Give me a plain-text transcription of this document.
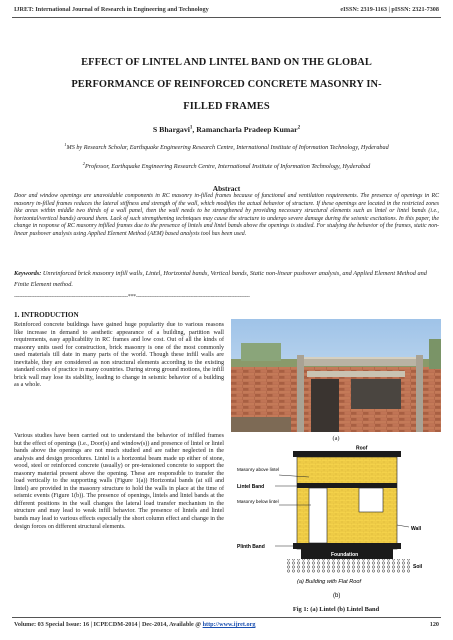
IJRET: International Journal of Research in Engineering and Technology	eISSN: 2319-1163 | pISSN: 2321-7308
EFFECT OF LINTEL AND LINTEL BAND ON THE GLOBAL
PERFORMANCE OF REINFORCED CONCRETE MASONRY IN-
FILLED FRAMES
S Bhargavi$^1$, Ramancharla Pradeep Kumar$^2$
$^1$MS by Research Scholar, Earthquake Engineering Research Centre, International Institute of Information Technology, Hyderabad
$^2$Professor, Earthquake Engineering Research Centre, International Institute of Information Technology, Hyderabad
Abstract
Door and window openings are unavoidable components in RC masonry in-filled frames because of functional and ventilation requirements. The presence of openings in RC masonry in-filled frames reduces the lateral stiffness and strength of the wall, which modifies the actual behavior of structure. If these openings are located in the restricted zones like areas within middle two thirds of a wall panel, then the wall needs to be strengthened by providing necessary structural elements such as lintel or lintel bands (i.e., horizontal/vertical bands) around them. Lack of such strengthening techniques may cause the structure to undergo severe damage during the seismic excitations. In this paper, the change in response of RC masonry infilled frames due to the presence of lintels and lintel bands above the openings is studied. For studying the behavior of the frames, static non-linear pushover analysis using Applied Element Method (AEM) based analysis tool has been used.
Keywords: Unreinforced brick masonry infill walls, Lintel, Horizontal bands, Vertical bands, Static non-linear pushover analysis, and Applied Element Method and Finite Element method.
-------------------------------------------------------------------***-------------------------------------------------------------------
1. INTRODUCTION
Reinforced concrete buildings have gained huge popularity due to various reasons like increase in demand to aesthetic appearance of a building, partition wall requirements, easy applicability in RC frames and low cost. Out of all the kinds of masonry units used for construction, brick masonry is one of the most commonly used materials till date in many parts of the world. Though these infill walls are inevitable, they are considered as non structural elements according to the existing standard codes of practice in many countries. During strong ground motions, the infill brick wall may lose its stability, leading to change in seismic behavior of a building as a whole.
Various studies have been carried out to understand the behavior of infilled frames but the effect of openings (i.e., Door(s) and window(s)) and presence of lintel or lintel bands above the openings are not much studied and are rather neglected in the analysis and design procedures. Lintel is a horizontal beam made up either of stone, wood, steel or reinforced concrete (usually) or pre-tensioned concrete to support the masonry material present above the opening. These are responsible to transfer the load vertically to the supporting walls (Figure 1(a)) Horizontal bands (at sill and lintel) are provided in the masonry structure to hold the walls in place at the time of seismic events (Figure 1(b)). The presence of openings, lintels and lintel bands at the different positions in the wall changes the lateral load transfer mechanism in the structure and may lead to weak infill behavior. The presence of lintels and lintel bands may lead to various effects especially the short column effect and change in the design forces on different structural elements.
(a)
Roof
Masonry above lintel
Lintel Band
Masonry below lintel
Plinth Band
Wall
Foundation
Soil
(a) Building with Flat Roof
(b)
Fig 1: (a) Lintel (b) Lintel Band
Volume: 03 Special Issue: 16 | ICPECDM-2014 | Dec-2014, Available @ http://www.ijret.org	120
